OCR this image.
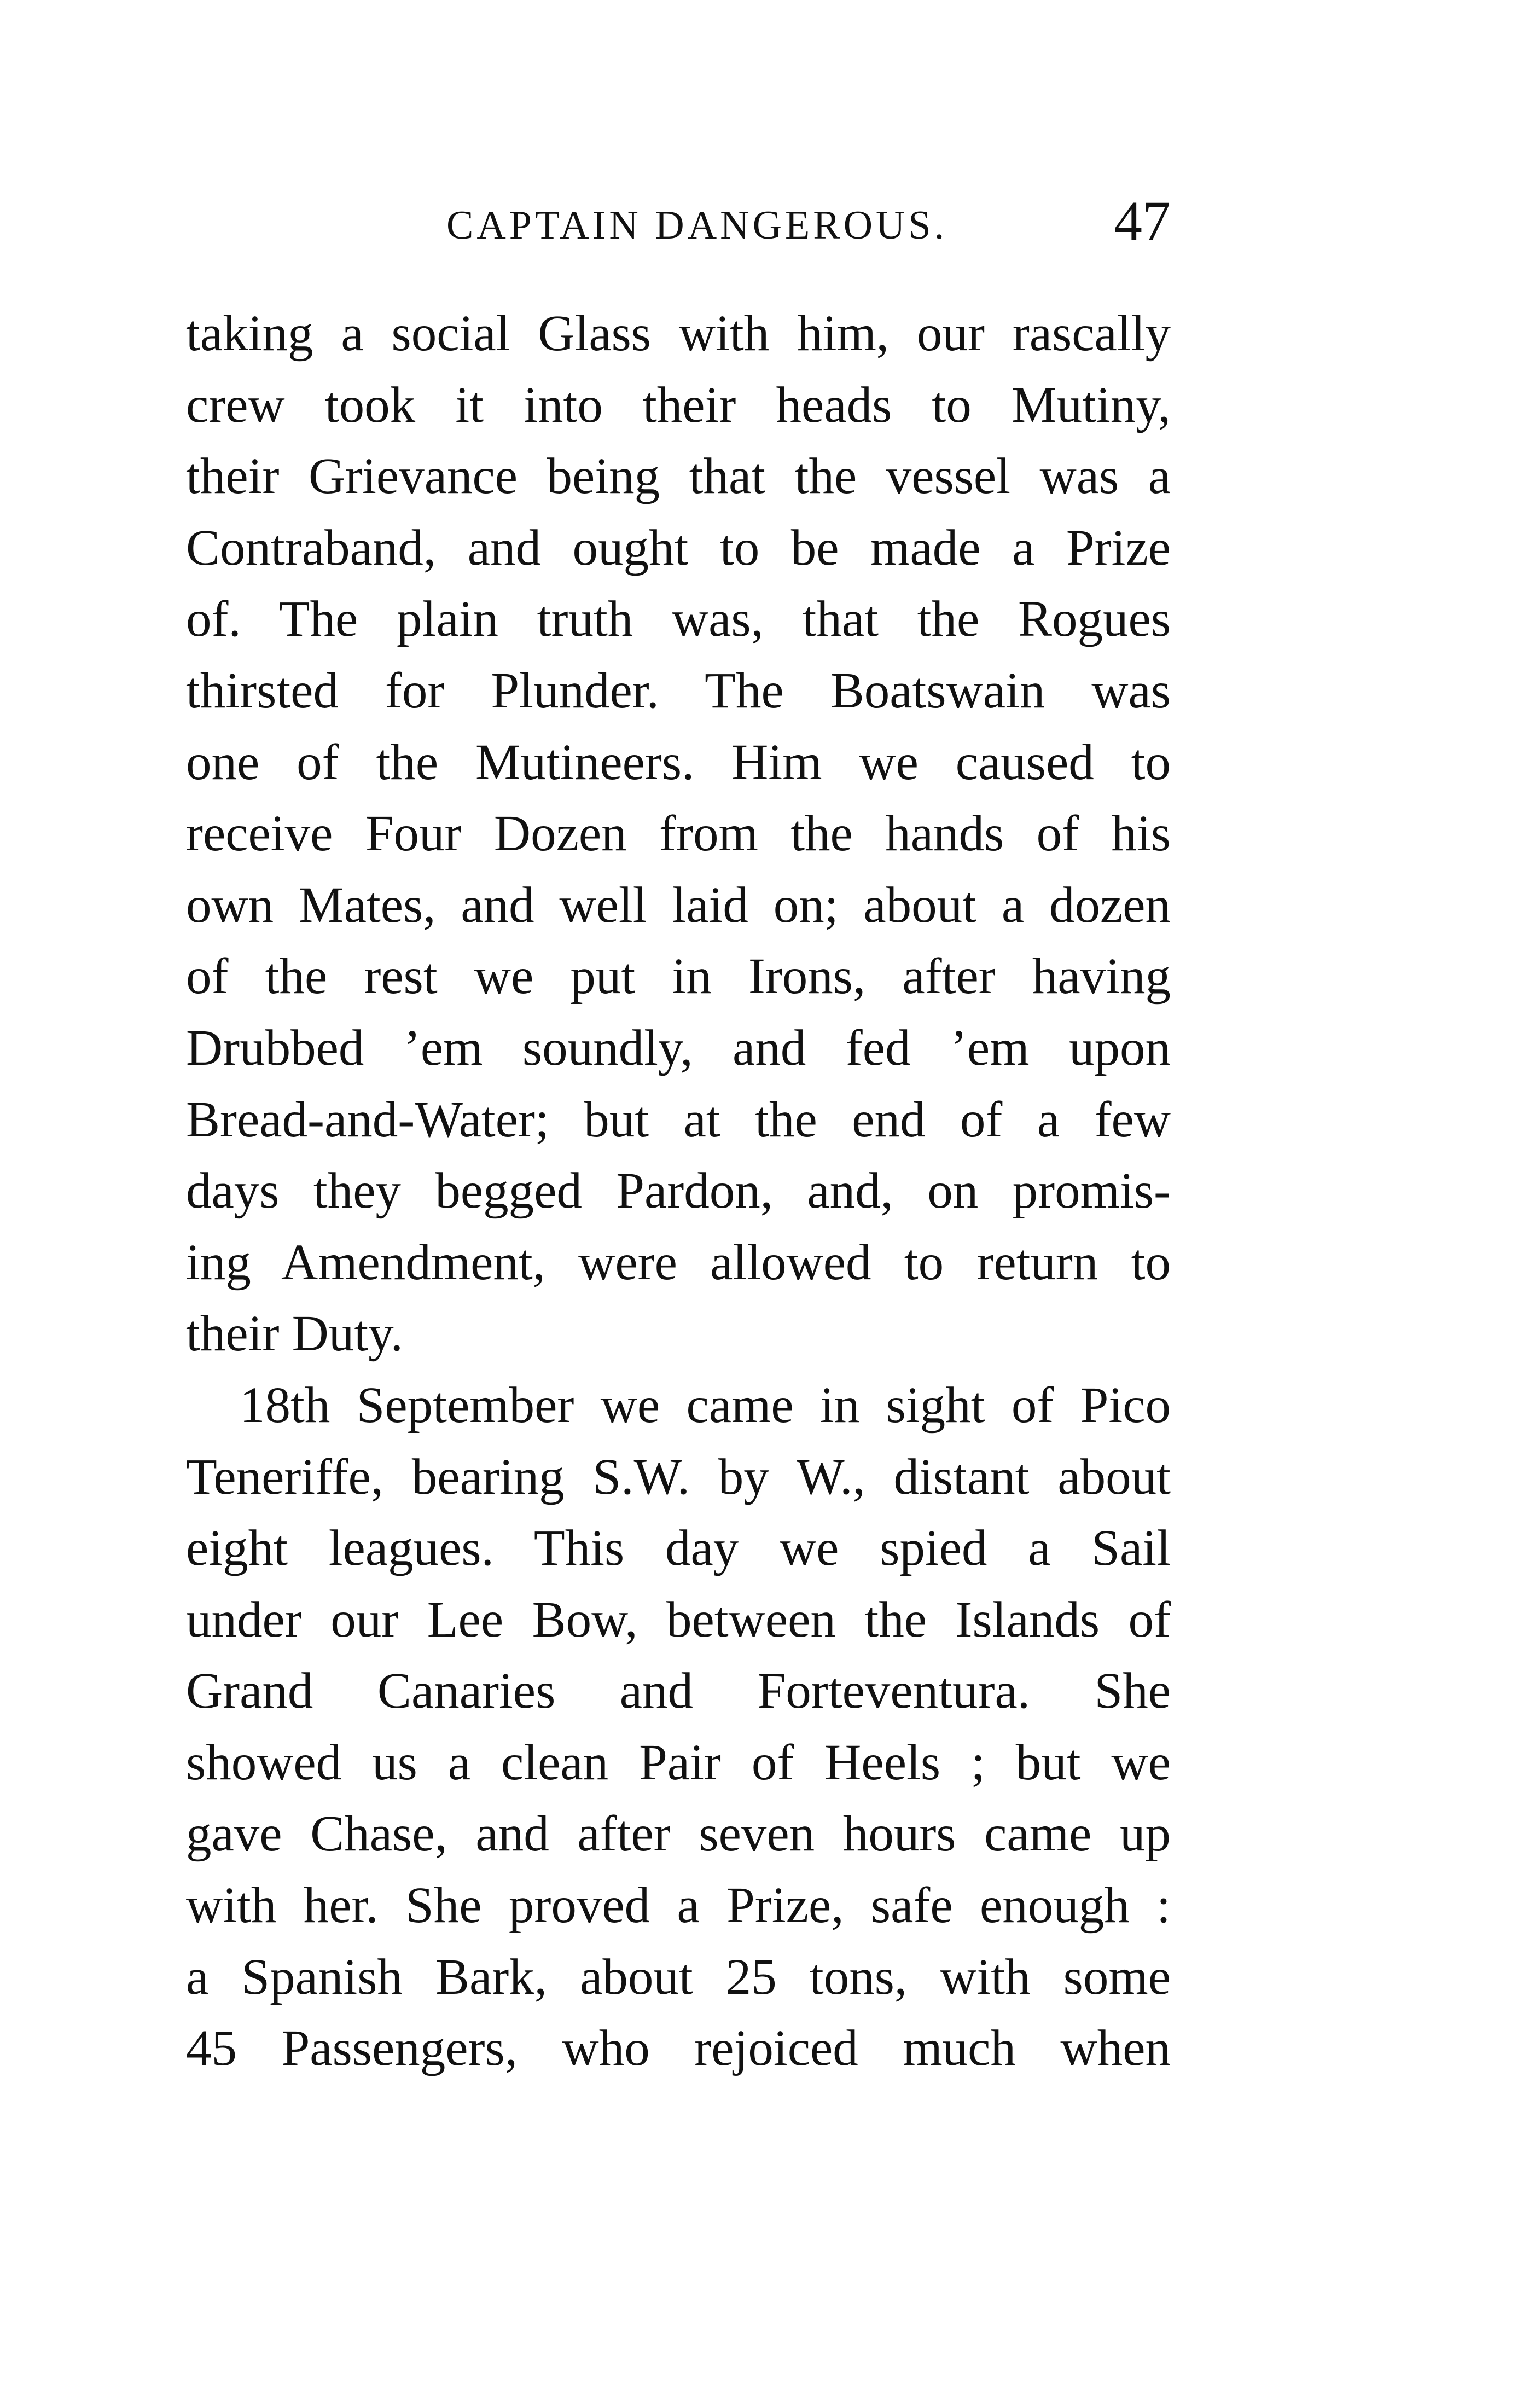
CAPTAIN DANGEROUS.	47
taking a social Glass with him, our rascally
crew took it into their heads to Mutiny,
their Grievance being that the vessel was a
Contraband, and ought to be made a Prize
of. The plain truth was, that the Rogues
thirsted for Plunder. The Boatswain was
one of the Mutineers. Him we caused to
receive Four Dozen from the hands of his
own Mates, and well laid on; about a dozen
of the rest we put in Irons, after having
Drubbed ’em soundly, and fed ’em upon
Bread-and-Water; but at the end of a few
days they begged Pardon, and, on promis-
ing Amendment, were allowed to return to
their Duty.
18th September we came in sight of Pico
Teneriffe, bearing S.W. by W., distant about
eight leagues. This day we spied a Sail
under our Lee Bow, between the Islands of
Grand Canaries and Forteventura. She
showed us a clean Pair of Heels ; but we
gave Chase, and after seven hours came up
with her. She proved a Prize, safe enough :
a Spanish Bark, about 25 tons, with some
45 Passengers, who rejoiced much when
